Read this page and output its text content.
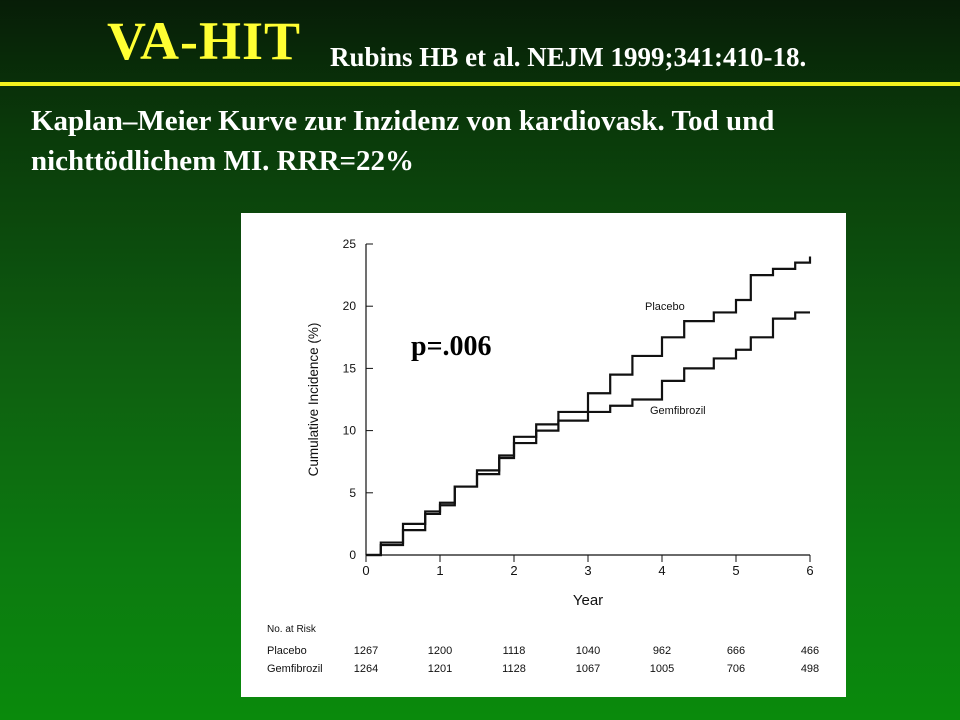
VA-HIT Rubins HB et al. NEJM 1999;341:410-18.
Kaplan–Meier Kurve zur Inzidenz von kardiovask. Tod und
nichttödlichem MI. RRR=22%
0
5
10
15
20
25
0	1	2	3	4	5	6
Year
Cumulative Incidence (%)
Placebo
Gemfibrozil
No. at Risk
Placebo	1267	1200	1118	1040	962	666	466
Gemfibrozil	1264	1201	1128	1067	1005	706	498
p=.006
